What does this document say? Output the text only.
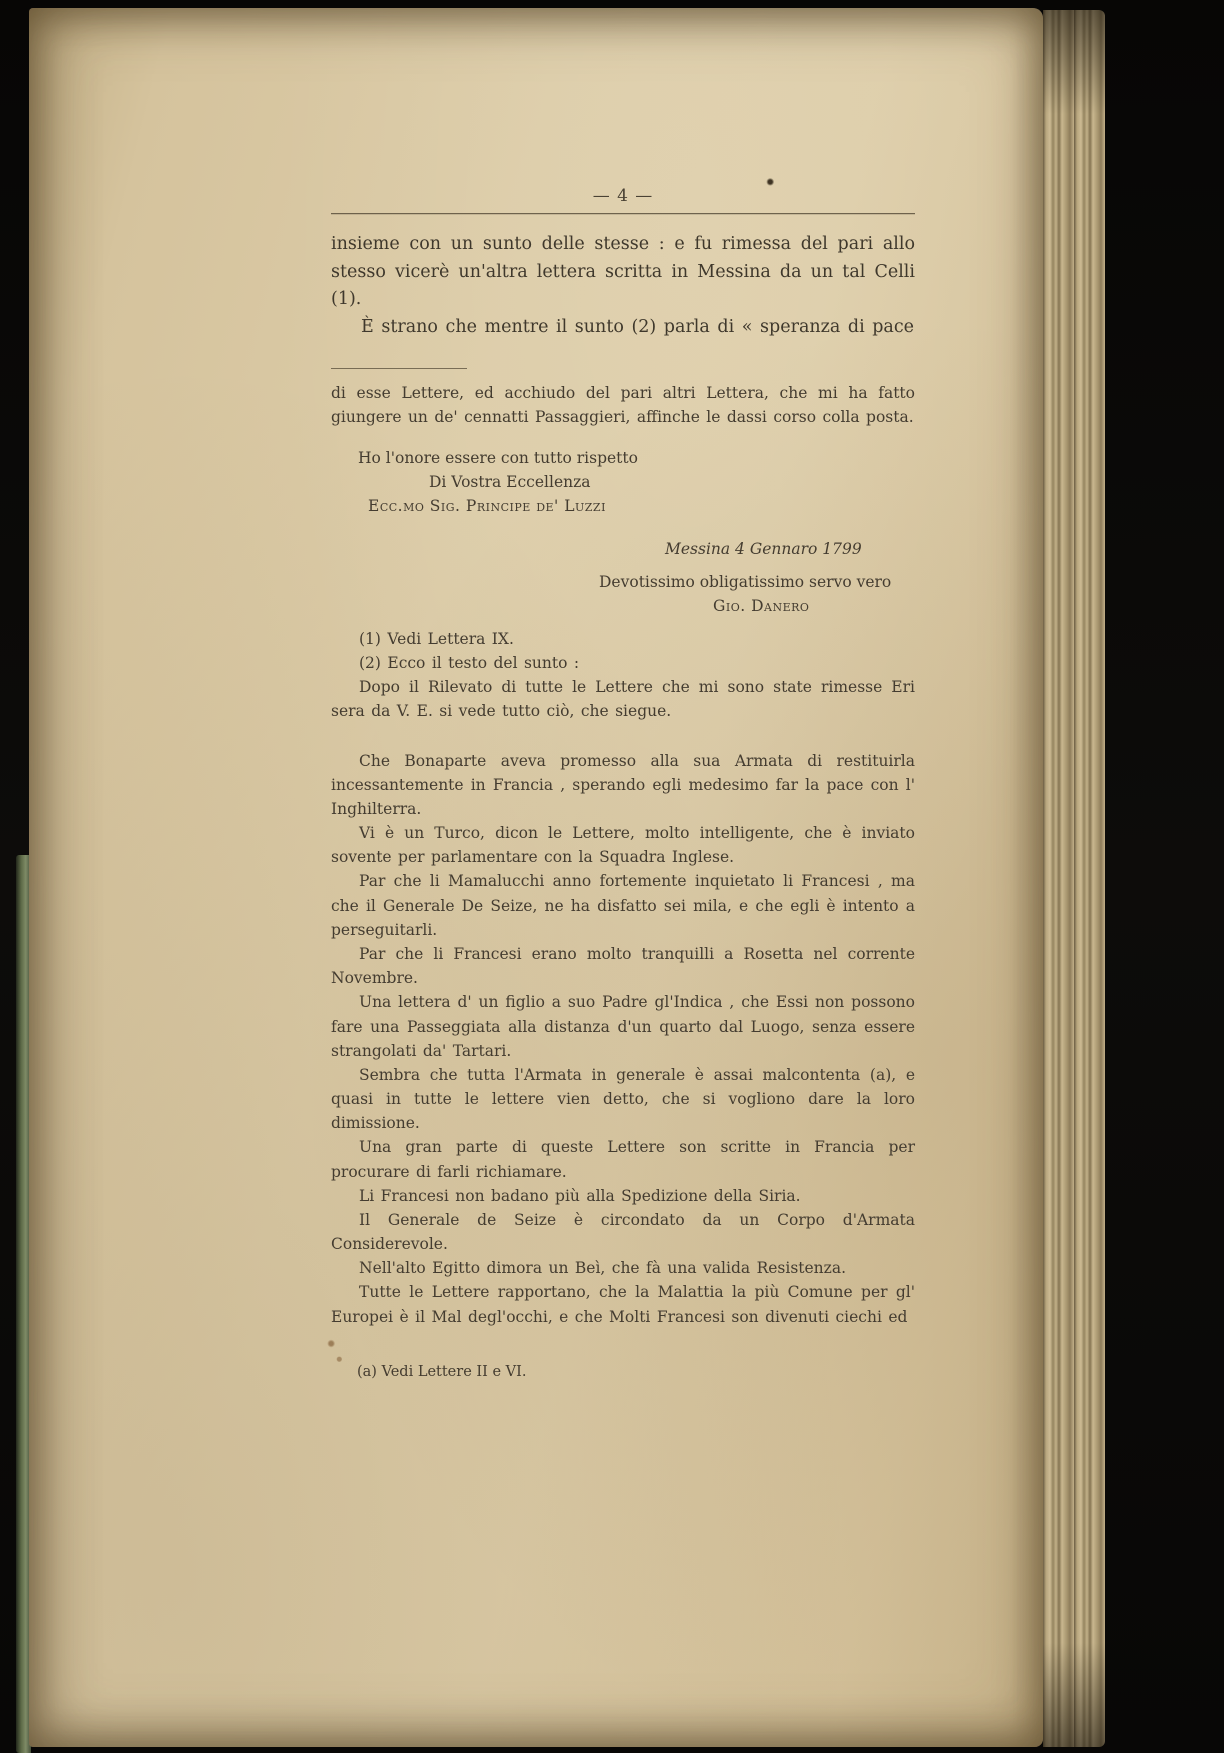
— 4 —

insieme con un sunto delle stesse : e fu rimessa del pari allo stesso vicerè un'altra lettera scritta in Messina da un tal Celli (1).

È strano che mentre il sunto (2) parla di « speranza di pace

di esse Lettere, ed acchiudo del pari altri Lettera, che mi ha fatto giungere un de' cennatti Passaggieri, affinche le dassi corso colla posta.

Ho l'onore essere con tutto rispetto

Di Vostra Eccellenza

Ecc.mo Sig. Principe de' Luzzi

Messina 4 Gennaro 1799

Devotissimo obligatissimo servo vero

Gio. Danero

(1) Vedi Lettera IX.

(2) Ecco il testo del sunto :

Dopo il Rilevato di tutte le Lettere che mi sono state rimesse Eri sera da V. E. si vede tutto ciò, che siegue.

Che Bonaparte aveva promesso alla sua Armata di restituirla incessantemente in Francia , sperando egli medesimo far la pace con l' Inghilterra.

Vi è un Turco, dicon le Lettere, molto intelligente, che è inviato sovente per parlamentare con la Squadra Inglese.

Par che li Mamalucchi anno fortemente inquietato li Francesi , ma che il Generale De Seize, ne ha disfatto sei mila, e che egli è intento a perseguitarli.

Par che li Francesi erano molto tranquilli a Rosetta nel corrente Novembre.

Una lettera d' un figlio a suo Padre gl'Indica , che Essi non possono fare una Passeggiata alla distanza d'un quarto dal Luogo, senza essere strangolati da' Tartari.

Sembra che tutta l'Armata in generale è assai malcontenta (a), e quasi in tutte le lettere vien detto, che si vogliono dare la loro dimissione.

Una gran parte di queste Lettere son scritte in Francia per procurare di farli richiamare.

Li Francesi non badano più alla Spedizione della Siria.

Il Generale de Seize è circondato da un Corpo d'Armata Considerevole.

Nell'alto Egitto dimora un Beì, che fà una valida Resistenza.

Tutte le Lettere rapportano, che la Malattia la più Comune per gl' Europei è il Mal degl'occhi, e che Molti Francesi son divenuti ciechi ed

(a) Vedi Lettere II e VI.
